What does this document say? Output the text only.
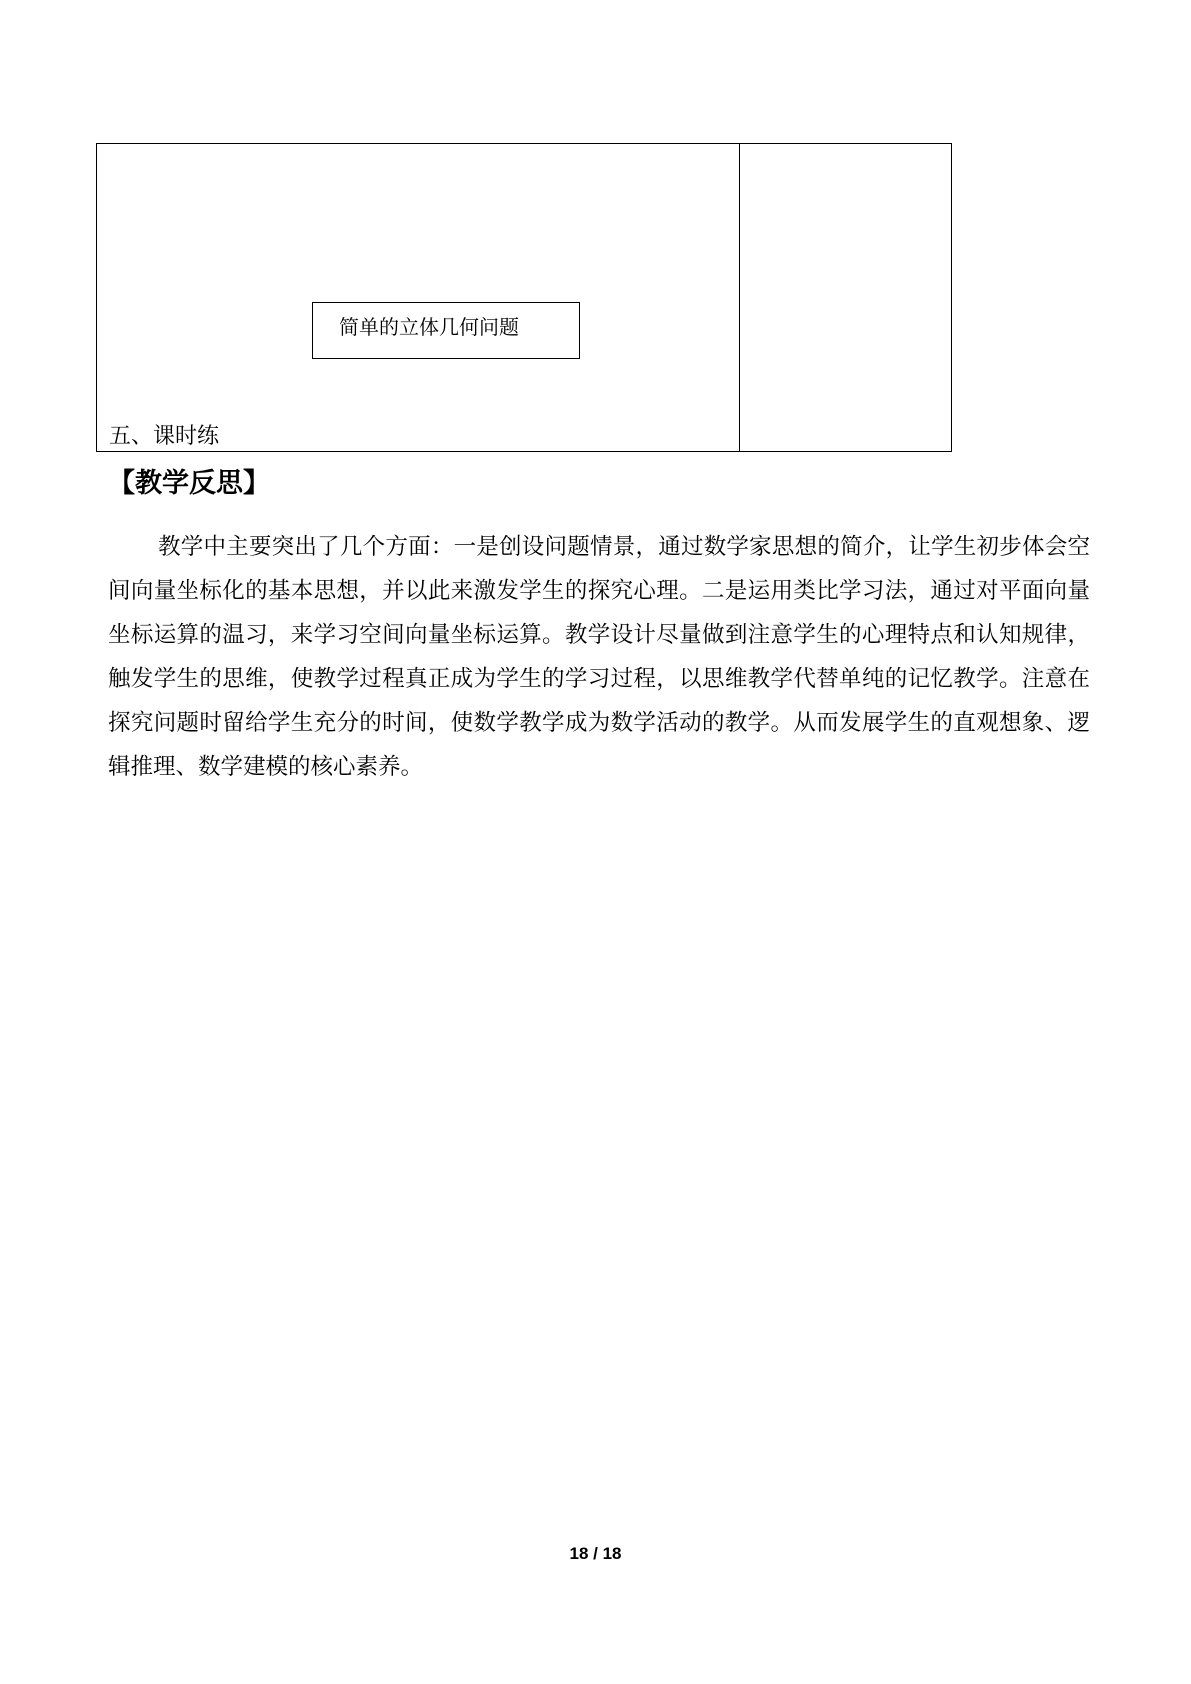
简单的立体几何问题
五、课时练
【教学反思】

教学中主要突出了几个方面：一是创设问题情景，通过数学家思想的简介，让学生初步体会空间向量坐标化的基本思想，并以此来激发学生的探究心理。二是运用类比学习法，通过对平面向量坐标运算的温习，来学习空间向量坐标运算。教学设计尽量做到注意学生的心理特点和认知规律，触发学生的思维，使教学过程真正成为学生的学习过程，以思维教学代替单纯的记忆教学。注意在探究问题时留给学生充分的时间，使数学教学成为数学活动的教学。从而发展学生的直观想象、逻辑推理、数学建模的核心素养。

18 / 18
